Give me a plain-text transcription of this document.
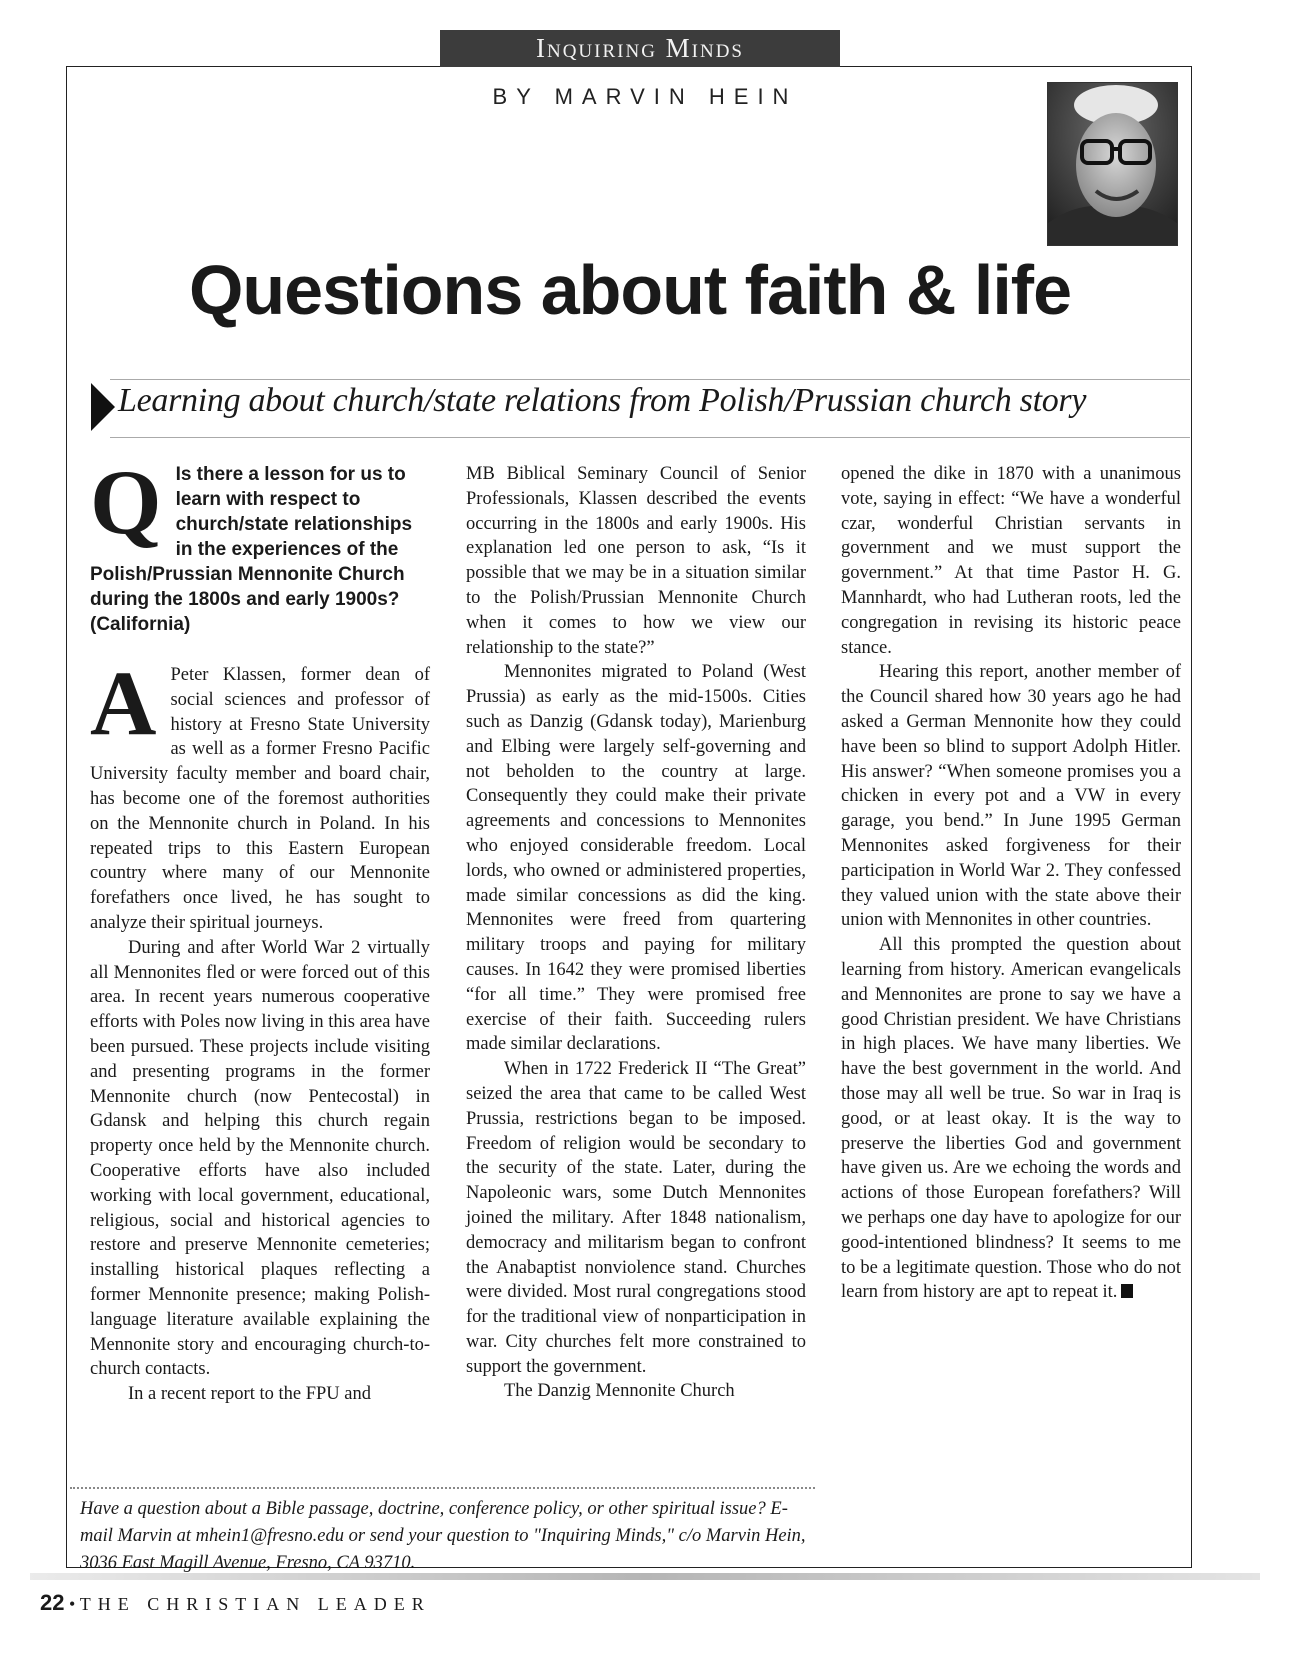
Inquiring Minds
BY MARVIN HEIN
Questions about faith & life
Learning about church/state relations from Polish/Prussian church story
Q Is there a lesson for us to learn with respect to church/state relationships in the experiences of the Polish/Prussian Mennonite Church during the 1800s and early 1900s? (California)

A Peter Klassen, former dean of social sciences and professor of history at Fresno State University as well as a former Fresno Pacific University faculty member and board chair, has become one of the foremost authorities on the Mennonite church in Poland. In his repeated trips to this Eastern European country where many of our Mennonite forefathers once lived, he has sought to analyze their spiritual journeys.

During and after World War 2 virtually all Mennonites fled or were forced out of this area. In recent years numerous cooperative efforts with Poles now living in this area have been pursued. These projects include visiting and presenting programs in the former Mennonite church (now Pentecostal) in Gdansk and helping this church regain property once held by the Mennonite church. Cooperative efforts have also included working with local government, educational, religious, social and historical agencies to restore and preserve Mennonite cemeteries; installing historical plaques reflecting a former Mennonite presence; making Polish-language literature available explaining the Mennonite story and encouraging church-to-church contacts.

In a recent report to the FPU and

MB Biblical Seminary Council of Senior Professionals, Klassen described the events occurring in the 1800s and early 1900s. His explanation led one person to ask, “Is it possible that we may be in a situation similar to the Polish/Prussian Mennonite Church when it comes to how we view our relationship to the state?”

Mennonites migrated to Poland (West Prussia) as early as the mid-1500s. Cities such as Danzig (Gdansk today), Marienburg and Elbing were largely self-governing and not beholden to the country at large. Consequently they could make their private agreements and concessions to Mennonites who enjoyed considerable freedom. Local lords, who owned or administered properties, made similar concessions as did the king. Mennonites were freed from quartering military troops and paying for military causes. In 1642 they were promised liberties “for all time.” They were promised free exercise of their faith. Succeeding rulers made similar declarations.

When in 1722 Frederick II “The Great” seized the area that came to be called West Prussia, restrictions began to be imposed. Freedom of religion would be secondary to the security of the state. Later, during the Napoleonic wars, some Dutch Mennonites joined the military. After 1848 nationalism, democracy and militarism began to confront the Anabaptist nonviolence stand. Churches were divided. Most rural congregations stood for the traditional view of nonparticipation in war. City churches felt more constrained to support the government.

The Danzig Mennonite Church

opened the dike in 1870 with a unanimous vote, saying in effect: “We have a wonderful czar, wonderful Christian servants in government and we must support the government.” At that time Pastor H. G. Mannhardt, who had Lutheran roots, led the congregation in revising its historic peace stance.

Hearing this report, another member of the Council shared how 30 years ago he had asked a German Mennonite how they could have been so blind to support Adolph Hitler. His answer? “When someone promises you a chicken in every pot and a VW in every garage, you bend.” In June 1995 German Mennonites asked forgiveness for their participation in World War 2. They confessed they valued union with the state above their union with Mennonites in other countries.

All this prompted the question about learning from history. American evangelicals and Mennonites are prone to say we have a good Christian president. We have Christians in high places. We have many liberties. We have the best government in the world. And those may all well be true. So war in Iraq is good, or at least okay. It is the way to preserve the liberties God and government have given us. Are we echoing the words and actions of those European forefathers? Will we perhaps one day have to apologize for our good-intentioned blindness? It seems to me to be a legitimate question. Those who do not learn from history are apt to repeat it.

Have a question about a Bible passage, doctrine, conference policy, or other spiritual issue? E-mail Marvin at mhein1@fresno.edu or send your question to "Inquiring Minds," c/o Marvin Hein, 3036 East Magill Avenue, Fresno, CA 93710.
22 • THE CHRISTIAN LEADER
